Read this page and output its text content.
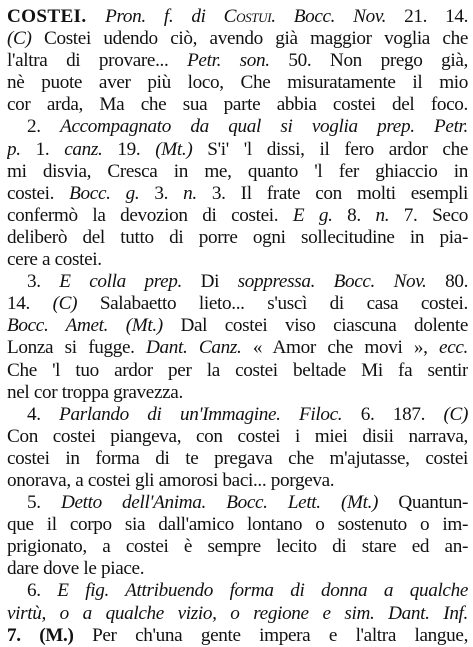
COSTEI. Pron. f. di Costui. Bocc. Nov. 21. 14.
(C) Costei udendo ciò, avendo già maggior voglia che
l'altra di provare... Petr. son. 50. Non prego già,
nè puote aver più loco, Che misuratamente il mio
cor arda, Ma che sua parte abbia costei del foco.
2. Accompagnato da qual si voglia prep. Petr.
p. 1. canz. 19. (Mt.) S'i' 'l dissi, il fero ardor che
mi disvia, Cresca in me, quanto 'l fer ghiaccio in
costei. Bocc. g. 3. n. 3. Il frate con molti esempli
confermò la devozion di costei. E g. 8. n. 7. Seco
deliberò del tutto di porre ogni sollecitudine in pia-
cere a costei.
3. E colla prep. Di soppressa. Bocc. Nov. 80.
14. (C) Salabaetto lieto... s'uscì di casa costei.
Bocc. Amet. (Mt.) Dal costei viso ciascuna dolente
Lonza si fugge. Dant. Canz. « Amor che movi », ecc.
Che 'l tuo ardor per la costei beltade Mi fa sentir
nel cor troppa gravezza.
4. Parlando di un'Immagine. Filoc. 6. 187. (C)
Con costei piangeva, con costei i miei disii narrava,
costei in forma di te pregava che m'ajutasse, costei
onorava, a costei gli amorosi baci... porgeva.
5. Detto dell'Anima. Bocc. Lett. (Mt.) Quantun-
que il corpo sia dall'amico lontano o sostenuto o im-
prigionato, a costei è sempre lecito di stare ed an-
dare dove le piace.
6. E fig. Attribuendo forma di donna a qualche
virtù, o a qualche vizio, o regione e sim. Dant. Inf.
7. (M.) Per ch'una gente impera e l'altra langue,
